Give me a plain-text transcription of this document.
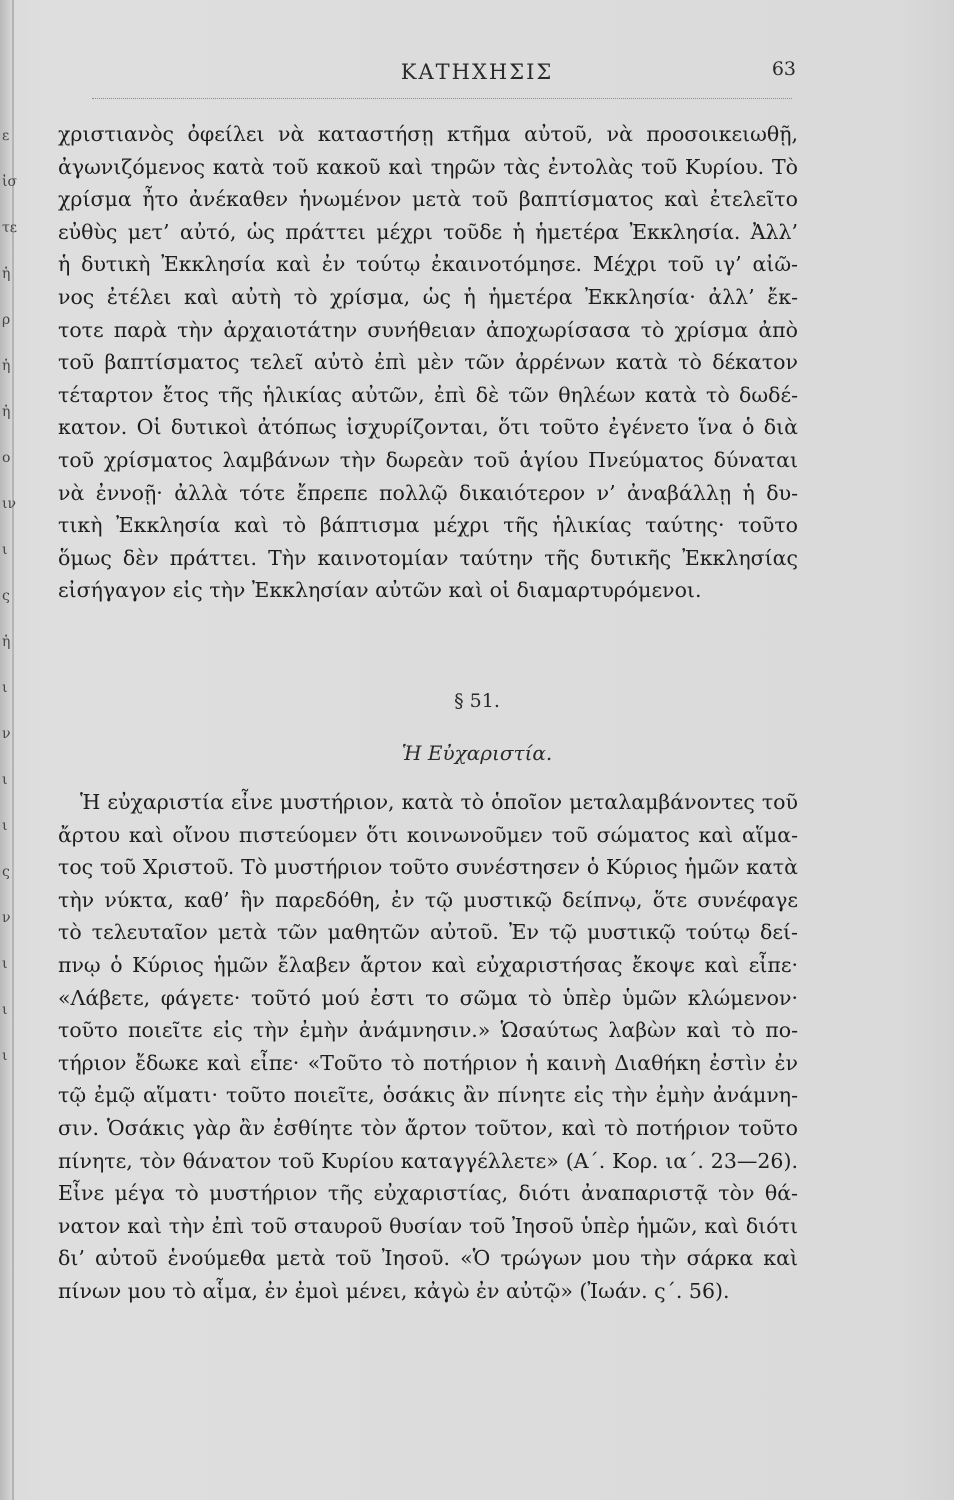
ε
ἰσ
τε
ἡ
ρ
ἡ
ἡ
ο
ιν
ι
ς
ἡ
ι
ν
ι
ι
ς
ν
ι
ι
ι
ΚΑΤΗΧΗΣΙΣ	63
χριστιανὸς ὀφείλει νὰ καταστήσῃ κτῆμα αὐτοῦ, νὰ προσοικειωθῇ,
ἀγωνιζόμενος κατὰ τοῦ κακοῦ καὶ τηρῶν τὰς ἐντολὰς τοῦ Κυρίου. Τὸ
χρίσμα ἦτο ἀνέκαθεν ἡνωμένον μετὰ τοῦ βαπτίσματος καὶ ἐτελεῖτο
εὐθὺς μετ’ αὐτό, ὡς πράττει μέχρι τοῦδε ἡ ἡμετέρα Ἐκκλησία. Ἀλλ’
ἡ δυτικὴ Ἐκκλησία καὶ ἐν τούτῳ ἐκαινοτόμησε. Μέχρι τοῦ ιγ’ αἰῶ-
νος ἐτέλει καὶ αὐτὴ τὸ χρίσμα, ὡς ἡ ἡμετέρα Ἐκκλησία· ἀλλ’ ἔκ-
τοτε παρὰ τὴν ἀρχαιοτάτην συνήθειαν ἀποχωρίσασα τὸ χρίσμα ἀπὸ
τοῦ βαπτίσματος τελεῖ αὐτὸ ἐπὶ μὲν τῶν ἀρρένων κατὰ τὸ δέκατον
τέταρτον ἔτος τῆς ἡλικίας αὐτῶν, ἐπὶ δὲ τῶν θηλέων κατὰ τὸ δωδέ-
κατον. Οἱ δυτικοὶ ἀτόπως ἰσχυρίζονται, ὅτι τοῦτο ἐγένετο ἵνα ὁ διὰ
τοῦ χρίσματος λαμβάνων τὴν δωρεὰν τοῦ ἁγίου Πνεύματος δύναται
νὰ ἐννοῇ· ἀλλὰ τότε ἔπρεπε πολλῷ δικαιότερον ν’ ἀναβάλλῃ ἡ δυ-
τικὴ Ἐκκλησία καὶ τὸ βάπτισμα μέχρι τῆς ἡλικίας ταύτης· τοῦτο
ὅμως δὲν πράττει. Τὴν καινοτομίαν ταύτην τῆς δυτικῆς Ἐκκλησίας
εἰσήγαγον εἰς τὴν Ἐκκλησίαν αὐτῶν καὶ οἱ διαμαρτυρόμενοι.
§ 51.
Ἡ Εὐχαριστία.
Ἡ εὐχαριστία εἶνε μυστήριον, κατὰ τὸ ὁποῖον μεταλαμβάνοντες τοῦ
ἄρτου καὶ οἴνου πιστεύομεν ὅτι κοινωνοῦμεν τοῦ σώματος καὶ αἵμα-
τος τοῦ Χριστοῦ. Τὸ μυστήριον τοῦτο συνέστησεν ὁ Κύριος ἡμῶν κατὰ
τὴν νύκτα, καθ’ ἣν παρεδόθη, ἐν τῷ μυστικῷ δείπνῳ, ὅτε συνέφαγε
τὸ τελευταῖον μετὰ τῶν μαθητῶν αὐτοῦ. Ἐν τῷ μυστικῷ τούτῳ δεί-
πνῳ ὁ Κύριος ἡμῶν ἔλαβεν ἄρτον καὶ εὐχαριστήσας ἔκοψε καὶ εἶπε·
«Λάβετε, φάγετε· τοῦτό μού ἐστι το σῶμα τὸ ὑπὲρ ὑμῶν κλώμενον·
τοῦτο ποιεῖτε εἰς τὴν ἐμὴν ἀνάμνησιν.» Ὡσαύτως λαβὼν καὶ τὸ πο-
τήριον ἔδωκε καὶ εἶπε· «Τοῦτο τὸ ποτήριον ἡ καινὴ Διαθήκη ἐστὶν ἐν
τῷ ἐμῷ αἵματι· τοῦτο ποιεῖτε, ὁσάκις ἂν πίνητε εἰς τὴν ἐμὴν ἀνάμνη-
σιν. Ὁσάκις γὰρ ἂν ἐσθίητε τὸν ἄρτον τοῦτον, καὶ τὸ ποτήριον τοῦτο
πίνητε, τὸν θάνατον τοῦ Κυρίου καταγγέλλετε» (Α΄. Κορ. ια΄. 23—26).
Εἶνε μέγα τὸ μυστήριον τῆς εὐχαριστίας, διότι ἀναπαριστᾷ τὸν θά-
νατον καὶ τὴν ἐπὶ τοῦ σταυροῦ θυσίαν τοῦ Ἰησοῦ ὑπὲρ ἡμῶν, καὶ διότι
δι’ αὐτοῦ ἑνούμεθα μετὰ τοῦ Ἰησοῦ. «Ὁ τρώγων μου τὴν σάρκα καὶ
πίνων μου τὸ αἷμα, ἐν ἐμοὶ μένει, κἀγὼ ἐν αὐτῷ» (Ἰωάν. ς΄. 56).
